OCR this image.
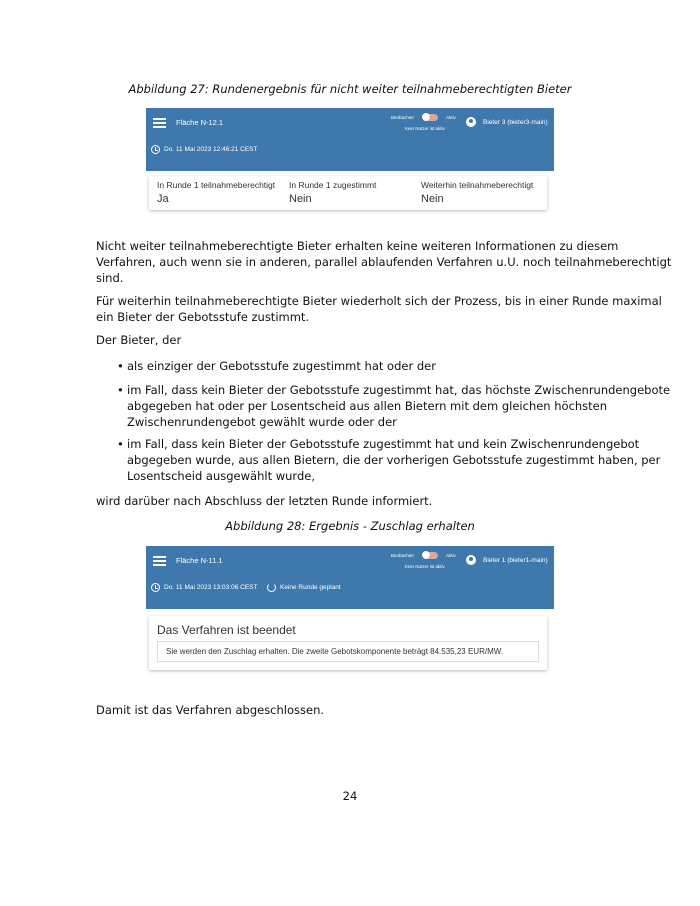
Abbildung 27: Rundenergebnis für nicht weiter teilnahmeberechtigten Bieter
Fläche N-12.1
Beobachter	Aktiv
Kein Nutzer ist aktiv
Bieter 3 (bieter3-main)
Do. 11 Mai 2023 12:46:21 CEST
In Runde 1 teilnahmeberechtigt
Ja
In Runde 1 zugestimmt
Nein
Weiterhin teilnahmeberechtigt
Nein
Nicht weiter teilnahmeberechtigte Bieter erhalten keine weiteren Informationen zu diesem
Verfahren, auch wenn sie in anderen, parallel ablaufenden Verfahren u.U. noch teilnahmeberechtigt
sind.
Für weiterhin teilnahmeberechtigte Bieter wiederholt sich der Prozess, bis in einer Runde maximal
ein Bieter der Gebotsstufe zustimmt.
Der Bieter, der
• als einziger der Gebotsstufe zugestimmt hat oder der
• im Fall, dass kein Bieter der Gebotsstufe zugestimmt hat, das höchste Zwischenrundengebote
abgegeben hat oder per Losentscheid aus allen Bietern mit dem gleichen höchsten
Zwischenrundengebot gewählt wurde oder der
• im Fall, dass kein Bieter der Gebotsstufe zugestimmt hat und kein Zwischenrundengebot
abgegeben wurde, aus allen Bietern, die der vorherigen Gebotsstufe zugestimmt haben, per
Losentscheid ausgewählt wurde,
wird darüber nach Abschluss der letzten Runde informiert.
Abbildung 28: Ergebnis - Zuschlag erhalten
Fläche N-11.1
Beobachter	Aktiv
Kein Nutzer ist aktiv
Bieter 1 (bieter1-main)
Do. 11 Mai 2023 13:03:06 CEST	Keine Runde geplant
Das Verfahren ist beendet
Sie werden den Zuschlag erhalten. Die zweite Gebotskomponente beträgt 84.535,23 EUR/MW.
Damit ist das Verfahren abgeschlossen.
24
